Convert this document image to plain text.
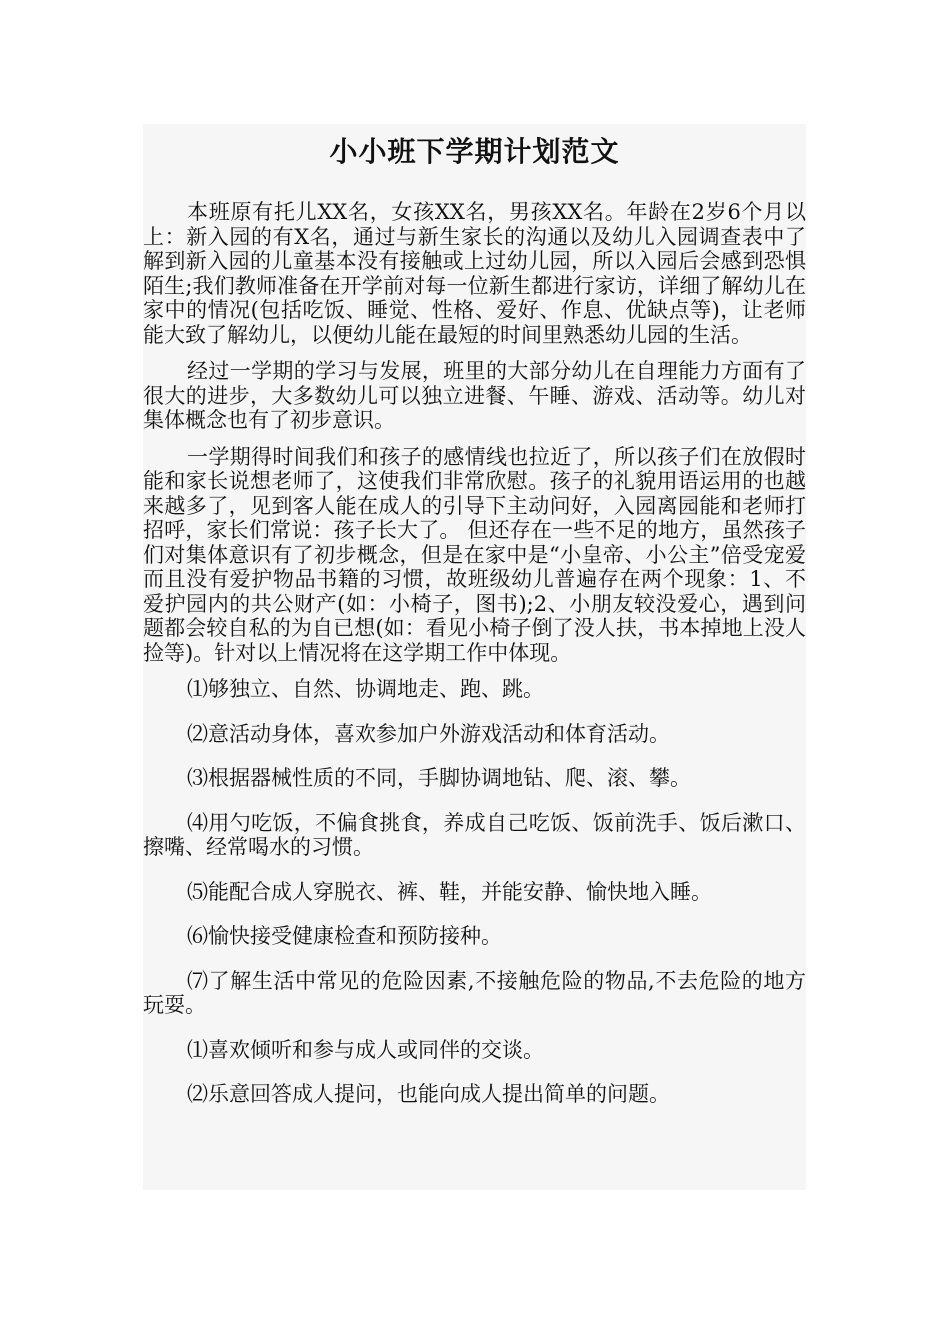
小小班下学期计划范文

本班原有托儿XX名，女孩XX名，男孩XX名。年龄在2岁6个月以上：新入园的有X名，通过与新生家长的沟通以及幼儿入园调查表中了解到新入园的儿童基本没有接触或上过幼儿园，所以入园后会感到恐惧陌生;我们教师准备在开学前对每一位新生都进行家访，详细了解幼儿在家中的情况(包括吃饭、睡觉、性格、爱好、作息、优缺点等)，让老师能大致了解幼儿，以便幼儿能在最短的时间里熟悉幼儿园的生活。

经过一学期的学习与发展，班里的大部分幼儿在自理能力方面有了很大的进步，大多数幼儿可以独立进餐、午睡、游戏、活动等。幼儿对集体概念也有了初步意识。

一学期得时间我们和孩子的感情线也拉近了，所以孩子们在放假时能和家长说想老师了，这使我们非常欣慰。孩子的礼貌用语运用的也越来越多了，见到客人能在成人的引导下主动问好，入园离园能和老师打招呼，家长们常说：孩子长大了。 但还存在一些不足的地方，虽然孩子们对集体意识有了初步概念，但是在家中是“小皇帝、小公主”倍受宠爱而且没有爱护物品书籍的习惯，故班级幼儿普遍存在两个现象：1、不爱护园内的共公财产(如：小椅子，图书);2、小朋友较没爱心，遇到问题都会较自私的为自已想(如：看见小椅子倒了没人扶，书本掉地上没人捡等)。针对以上情况将在这学期工作中体现。

⑴够独立、自然、协调地走、跑、跳。

⑵意活动身体，喜欢参加户外游戏活动和体育活动。

⑶根据器械性质的不同，手脚协调地钻、爬、滚、攀。

⑷用勺吃饭，不偏食挑食，养成自己吃饭、饭前洗手、饭后漱口、擦嘴、经常喝水的习惯。

⑸能配合成人穿脱衣、裤、鞋，并能安静、愉快地入睡。

⑹愉快接受健康检查和预防接种。

⑺了解生活中常见的危险因素,不接触危险的物品,不去危险的地方玩耍。

⑴喜欢倾听和参与成人或同伴的交谈。

⑵乐意回答成人提问，也能向成人提出简单的问题。
